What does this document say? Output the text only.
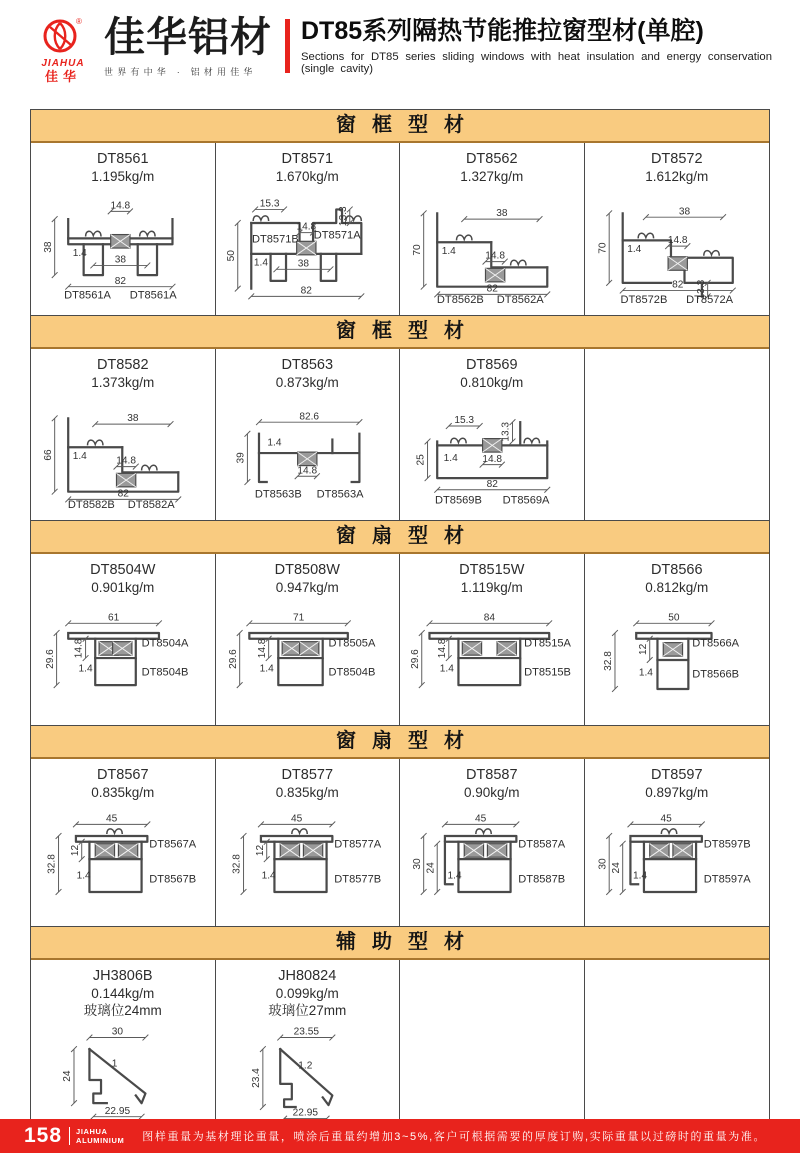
®
JIAHUA
佳华
佳华铝材
世界有中华 · 铝材用佳华
DT85系列隔热节能推拉窗型材(单腔)
Sections for DT85 series sliding windows with heat insulation and energy conservation (single cavity)
窗框型材
DT8561
1.195kg/m
14.8
38
82
38
1.4
DT8561A DT8561A
DT8571
1.670kg/m
15.3
14.8
38
82
13.3
50
1.4
DT8571B DT8571A
DT8562
1.327kg/m
38
14.8
82
70 1.4
DT8562B DT8562A
DT8572
1.612kg/m
38
14.8
82
70
13.3
1.4
DT8572B DT8572A
窗框型材
DT8582
1.373kg/m
38
14.8
82
66 1.4
DT8582B DT8582A
DT8563
0.873kg/m
82.6
14.8
39
1.4
DT8563B DT8563A
DT8569
0.810kg/m
15.3
14.8
82
13.3
25 1.4
DT8569B DT8569A
窗扇型材
DT8504W
0.901kg/m
61
29.6
14.8
1.4
DT8504A
DT8504B
DT8508W
0.947kg/m
71
29.6
14.8
1.4
DT8505A
DT8504B
DT8515W
1.119kg/m
84
29.6
14.8
1.4
DT8515A
DT8515B
DT8566
0.812kg/m
50
32.8
12
1.4
DT8566A
DT8566B
窗扇型材
DT8567
0.835kg/m
45
32.8
12
1.4
DT8567A
DT8567B
DT8577
0.835kg/m
45
32.8
12
1.4
DT8577A
DT8577B
DT8587
0.90kg/m
45
30 24
1.4
DT8587A
DT8587B
DT8597
0.897kg/m
45
30 24
1.4
DT8597B
DT8597A
辅助型材
JH3806B
0.144kg/m
玻璃位24mm
30
22.95
24
1
JH80824
0.099kg/m
玻璃位27mm
23.55
22.95
23.4
1.2
158 JIAHUA
ALUMINIUM	图样重量为基材理论重量，喷涂后重量约增加3~5%,客户可根据需要的厚度订购,实际重量以过磅时的重量为准。
